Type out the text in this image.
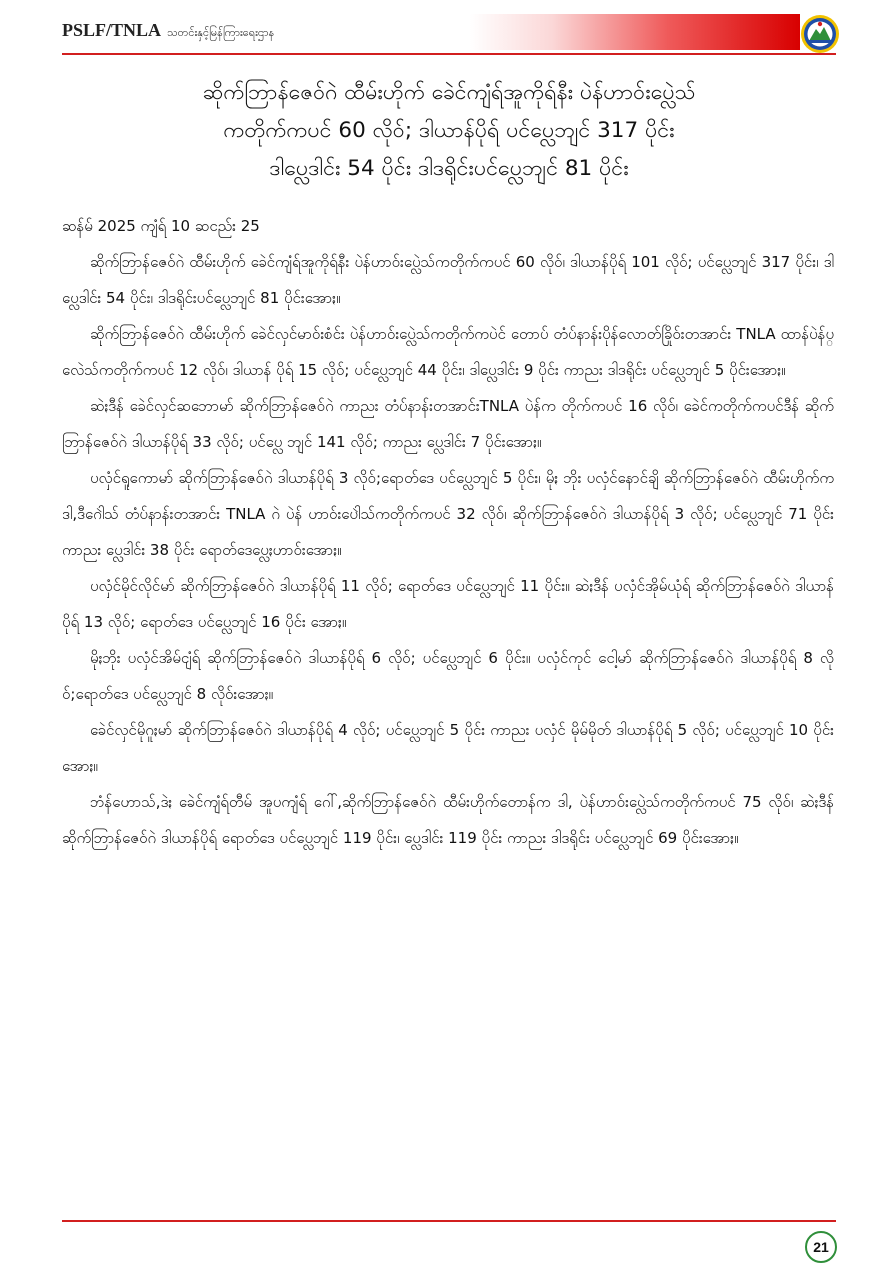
PSLF/TNLA သတင်းနှင့်မြန်ကြားရေးဌာန
ဆိုက်ဘြာန်ဇေဝ်ဂဲ ထီမ်းဟိုက် ခေဲင်ကျံရ်အူကိုရ်နီး ပဲန်ဟာဝ်းပ္လေဲသ်
ကတိုက်ကပင် 60 လိုဝ်; ဒါယာန်ပိုရ် ပင်ပ္လေဘျင် 317 ပိုင်း
ဒါပ္လေဒါင်း 54 ပိုင်း ဒါဒရိုင်းပင်ပ္လေဘျင် 81 ပိုင်း

ဆန်မ် 2025 ကျံရ် 10 ဆငည်း 25

ဆိုက်ဘြာန်ဇေဝ်ဂဲ ထီမ်းဟိုက် ခေဲင်ကျံရ်အူကိုရ်နီး ပဲန်ဟာဝ်းပ္လေဲသ်ကတိုက်ကပင် 60 လိုဝ်၊ ဒါယာန်ပိုရ် 101 လိုဝ်; ပင်ပ္လေဘျင် 317 ပိုင်း၊ ဒါပ္လေဒါင်း 54 ပိုင်း၊ ဒါဒရိုင်းပင်ပ္လေဘျင် 81 ပိုင်းအောႏ။

ဆိုက်ဘြာန်ဇေဝ်ဂဲ ထီမ်းဟိုက် ခေဲင်လှင်မာဝ်းစံင်း ပဲန်ဟာဝ်းပ္လေဲသ်ကတိုက်ကပဲင် တောပ် တံပ်နာန်းပိုန်လောတ်ခြိုဝ်းတအာင်း TNLA ထာန်ပဲန်ပ္လေဲသ်ကတိုက်ကပင် 12 လိုဝ်၊ ဒါယာန် ပိုရ် 15 လိုဝ်; ပင်ပ္လေဘျင် 44 ပိုင်း၊ ဒါပ္လေဒါင်း 9 ပိုင်း ကာညး ဒါဒရိုင်း ပင်ပ္လေဘျင် 5 ပိုင်းအောႏ။

ဆဲႏဒီန် ခေဲင်လှင်ဆဘောမာ် ဆိုက်ဘြာန်ဇေဝ်ဂဲ ကာညး တံပ်နာန်းတအာင်းTNLA ပဲန်က တိုက်ကပင် 16 လိုဝ်၊ ခေဲင်ကတိုက်ကပင်ဒီန် ဆိုက်ဘြာန်ဇေဝ်ဂဲ ဒါယာန်ပိုရ် 33 လိုဝ်; ပင်ပ္လေ ဘျင် 141 လိုဝ်; ကာညး ပ္လေဒါင်း 7 ပိုင်းအောႏ။

ပလှံင်ရူကောမာ် ဆိုက်ဘြာန်ဇေဝ်ဂဲ ဒါယာန်ပိုရ် 3 လိုဝ်;ရောတ်ဒေ ပင်ပ္လေဘျင် 5 ပိုင်း၊ မိုႏ ဘိုး ပလှံင်နောင်ချိ ဆိုက်ဘြာန်ဇေဝ်ဂဲ ထီမ်းဟိုက်ကဒါ,ဒီဂေါဲသ် တံပ်နာန်းတအာင်း TNLA ဂဲ ပဲန် ဟာဝ်းပေါဲသ်ကတိုက်ကပင် 32 လိုဝ်၊ ဆိုက်ဘြာန်ဇေဝ်ဂဲ ဒါယာန်ပိုရ် 3 လိုဝ်; ပင်ပ္လေဘျင် 71 ပိုင်း ကာညး ပ္လေဒါင်း 38 ပိုင်း ရောတ်ဒေပ္လေႏဟာဝ်းအောႏ။

ပလှံင်မိုင်လိုင်မာ် ဆိုက်ဘြာန်ဇေဝ်ဂဲ ဒါယာန်ပိုရ် 11 လိုဝ်; ရောတ်ဒေ ပင်ပ္လေဘျင် 11 ပိုင်း။ ဆဲႏဒီန် ပလှံင်အိုမ်ယုံရ် ဆိုက်ဘြာန်ဇေဝ်ဂဲ ဒါယာန်ပိုရ် 13 လိုဝ်; ရောတ်ဒေ ပင်ပ္လေဘျင် 16 ပိုင်း အောႏ။

မိုႏဘိုး ပလှံင်အိမ်ငျံရ် ဆိုက်ဘြာန်ဇေဝ်ဂဲ ဒါယာန်ပိုရ် 6 လိုဝ်; ပင်ပ္လေဘျင် 6 ပိုင်း။ ပလှံင်ကုင် ငေါ့မာ် ဆိုက်ဘြာန်ဇေဝ်ဂဲ ဒါယာန်ပိုရ် 8 လိုဝ်;ရောတ်ဒေ ပင်ပ္လေဘျင် 8 လိုဝ်းအောႏ။

ခေဲင်လှင်မိုဂူႏမာ် ဆိုက်ဘြာန်ဇေဝ်ဂဲ ဒါယာန်ပိုရ် 4 လိုဝ်; ပင်ပ္လေဘျင် 5 ပိုင်း ကာညး ပလှံင် မိုမ်မိုတ် ဒါယာန်ပိုရ် 5 လိုဝ်; ပင်ပ္လေဘျင် 10 ပိုင်းအောႏ။

ဘံန်ဟောသ်,ဒဲႏ ခေဲင်ကျံရ်တီမ် အူပကျံရ် ဂေါ်,ဆိုက်ဘြာန်ဇေဝ်ဂဲ ထီမ်းဟိုက်တောန်က ဒါ, ပဲန်ဟာဝ်းပ္လေဲသ်ကတိုက်ကပင် 75 လိုဝ်၊ ဆဲႏဒီန် ဆိုက်ဘြာန်ဇေဝ်ဂဲ ဒါယာန်ပိုရ် ရောတ်ဒေ ပင်ပ္လေဘျင် 119 ပိုင်း၊ ပ္လေဒါင်း 119 ပိုင်း ကာညး ဒါဒရိုင်း ပင်ပ္လေဘျင် 69 ပိုင်းအောႏ။

21
